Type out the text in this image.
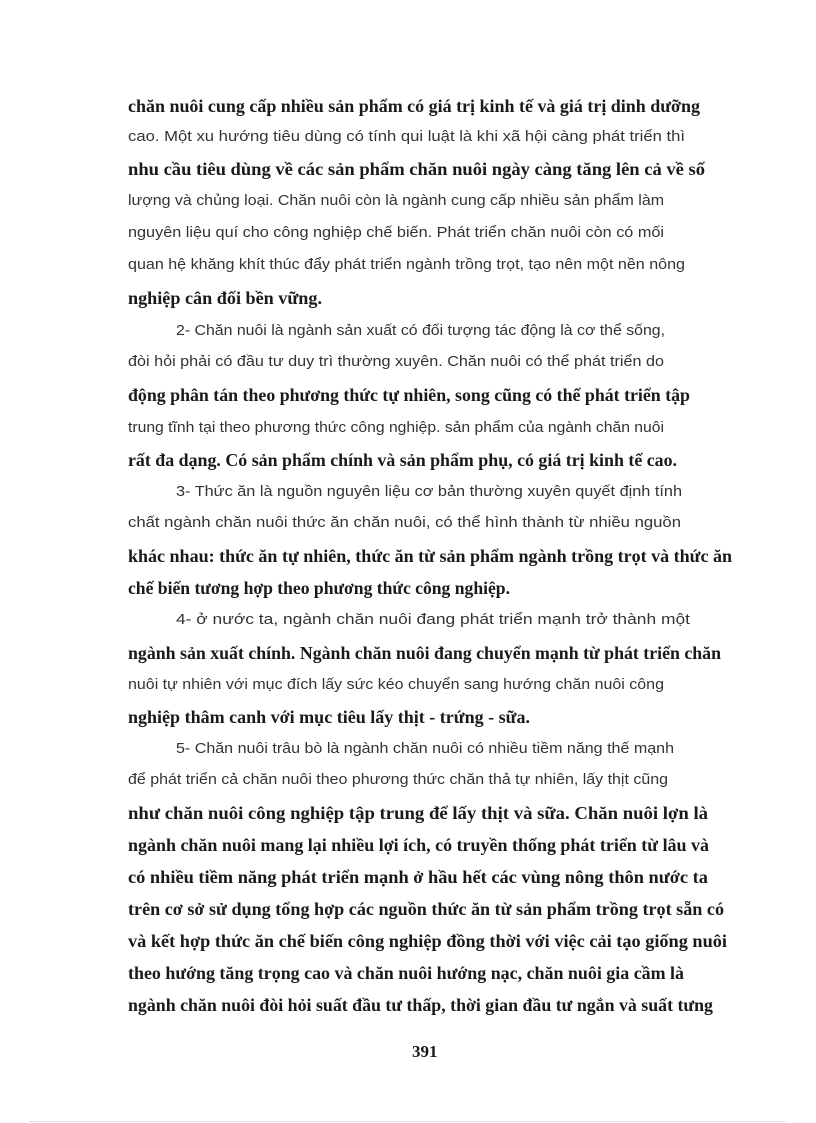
chăn nuôi cung cấp nhiều sản phẩm có giá trị kinh tế và giá trị dinh dưỡng
cao. Một xu hướng tiêu dùng có tính qui luật là khi xã hội càng phát triển thì
nhu cầu tiêu dùng về các sản phẩm chăn nuôi ngày càng tăng lên cả về số
lượng và chủng loại. Chăn nuôi còn là ngành cung cấp nhiều sản phẩm làm
nguyên liệu quí cho công nghiệp chế biến. Phát triển chăn nuôi còn có mối
quan hệ khăng khít thúc đẩy phát triển ngành trồng trọt, tạo nên một nền nông
nghiệp cân đối bền vững.
2- Chăn nuôi là ngành sản xuất có đối tượng tác động là cơ thể sống,
đòi hỏi phải có đầu tư duy trì thường xuyên. Chăn nuôi có thể phát triển do
động phân tán theo phương thức tự nhiên, song cũng có thể phát triển tập
trung tĩnh tại theo phương thức công nghiệp. sản phẩm của ngành chăn nuôi
rất đa dạng. Có sản phẩm chính và sản phẩm phụ, có giá trị kinh tế cao.
3- Thức ăn là nguồn nguyên liệu cơ bản thường xuyên quyết định tính
chất ngành chăn nuôi thức ăn chăn nuôi, có thể hình thành từ nhiều nguồn
khác nhau: thức ăn tự nhiên, thức ăn từ sản phẩm ngành trồng trọt và thức ăn
chế biến tương hợp theo phương thức công nghiệp.
4- ở nước ta, ngành chăn nuôi đang phát triển mạnh trở thành một
ngành sản xuất chính. Ngành chăn nuôi đang chuyển mạnh từ phát triển chăn
nuôi tự nhiên với mục đích lấy sức kéo chuyển sang hướng chăn nuôi công
nghiệp thâm canh với mục tiêu lấy thịt - trứng - sữa.
5- Chăn nuôi trâu bò là ngành chăn nuôi có nhiều tiềm năng thế mạnh
để phát triển cả chăn nuôi theo phương thức chăn thả tự nhiên, lấy thịt cũng
như chăn nuôi công nghiệp tập trung để lấy thịt và sữa. Chăn nuôi lợn là
ngành chăn nuôi mang lại nhiều lợi ích, có truyền thống phát triển từ lâu và
có nhiều tiềm năng phát triển mạnh ở hầu hết các vùng nông thôn nước ta
trên cơ sở sử dụng tổng hợp các nguồn thức ăn từ sản phẩm trồng trọt sẵn có
và kết hợp thức ăn chế biến công nghiệp đồng thời với việc cải tạo giống nuôi
theo hướng tăng trọng cao và chăn nuôi hướng nạc, chăn nuôi gia cầm là
ngành chăn nuôi đòi hỏi suất đầu tư thấp, thời gian đầu tư ngắn và suất tưng
391
